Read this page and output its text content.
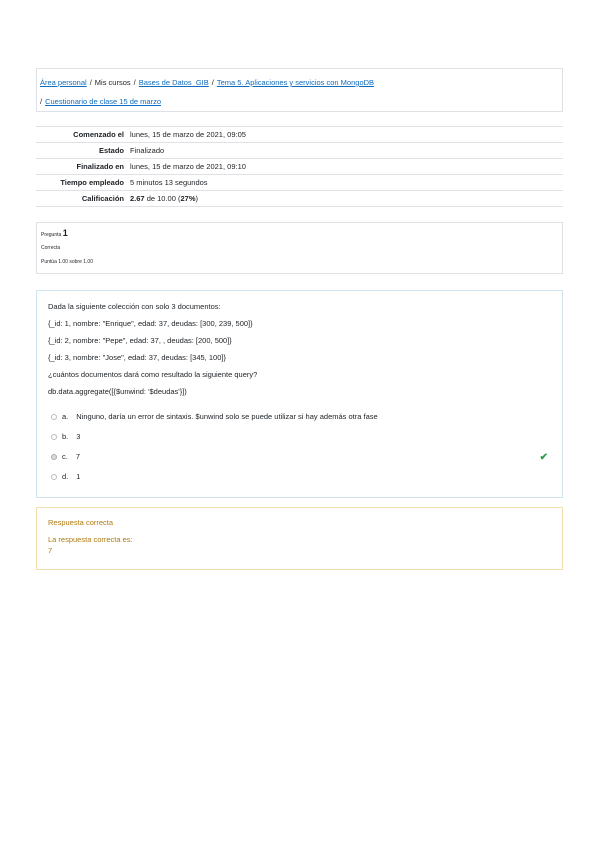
Área personal / Mis cursos / Bases de Datos_GIB / Tema 5. Aplicaciones y servicios con MongoDB
/ Cuestionario de clase 15 de marzo
Comenzado el	lunes, 15 de marzo de 2021, 09:05
Estado	Finalizado
Finalizado en	lunes, 15 de marzo de 2021, 09:10
Tiempo empleado	5 minutos 13 segundos
Calificación	2.67 de 10.00 (27%)
Pregunta 1
Correcta
Puntúa 1.00 sobre 1.00
Dada la siguiente colección con solo 3 documentos:
{_id: 1, nombre: "Enrique", edad: 37, deudas: [300, 239, 500]}
{_id: 2, nombre: "Pepe", edad: 37, , deudas: [200, 500]}
{_id: 3, nombre: "Jose", edad: 37, deudas: [345, 100]}
¿cuántos documentos dará como resultado la siguiente query?
db.data.aggregate([{$unwind: '$deudas'}])
a. Ninguno, daría un error de sintaxis. $unwind solo se puede utilizar si hay además otra fase
b. 3
c. 7
d. 1
✔
Respuesta correcta
La respuesta correcta es:
7
